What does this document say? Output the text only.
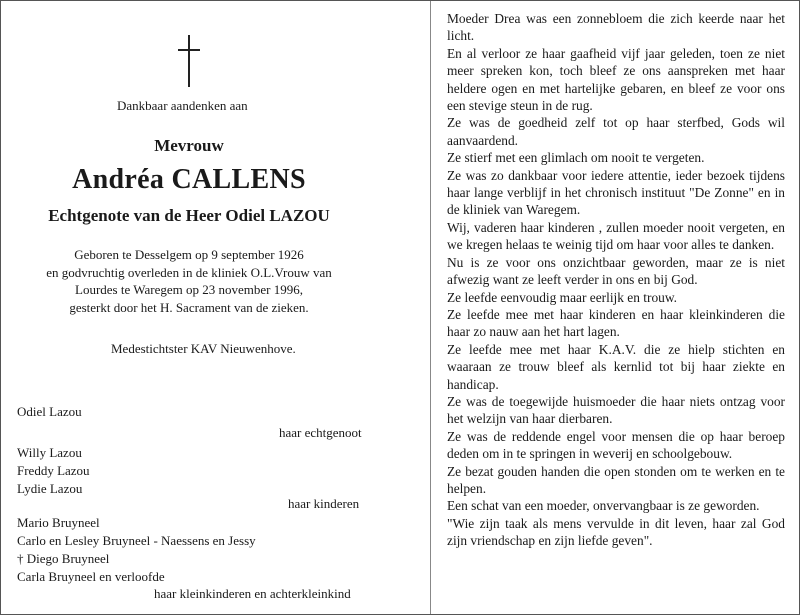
Dankbaar aandenken aan
Mevrouw
Andréa CALLENS
Echtgenote van de Heer Odiel LAZOU
Geboren te Desselgem op 9 september 1926
en godvruchtig overleden in de kliniek O.L.Vrouw van
Lourdes te Waregem op 23 november 1996,
gesterkt door het H. Sacrament van de zieken.
Medestichtster KAV Nieuwenhove.
Odiel Lazou
haar echtgenoot
Willy Lazou
Freddy Lazou
Lydie Lazou
haar kinderen
Mario Bruyneel
Carlo en Lesley Bruyneel - Naessens en Jessy
† Diego Bruyneel
Carla Bruyneel en verloofde
haar kleinkinderen en achterkleinkind

Moeder Drea was een zonnebloem die zich keerde naar het licht.

En al verloor ze haar gaafheid vijf jaar geleden, toen ze niet meer spreken kon, toch bleef ze ons aanspreken met haar heldere ogen en met hartelijke gebaren, en bleef ze voor ons een stevige steun in de rug.

Ze was de goedheid zelf tot op haar sterfbed, Gods wil aanvaardend.

Ze stierf met een glimlach om nooit te vergeten.

Ze was zo dankbaar voor iedere attentie, ieder bezoek tijdens haar lange verblijf in het chronisch instituut "De Zonne" en in de kliniek van Waregem.

Wij, vaderen haar kinderen , zullen moeder nooit vergeten, en we kregen helaas te weinig tijd om haar voor alles te danken.

Nu is ze voor ons onzichtbaar geworden, maar ze is niet afwezig want ze leeft verder in ons en bij God.

Ze leefde eenvoudig maar eerlijk en trouw.

Ze leefde mee met haar kinderen en haar kleinkinderen die haar zo nauw aan het hart lagen.

Ze leefde mee met haar K.A.V. die ze hielp stichten en waaraan ze trouw bleef als kernlid tot bij haar ziekte en handicap.

Ze was de toegewijde huismoeder die haar niets ontzag voor het welzijn van haar dierbaren.

Ze was de reddende engel voor mensen die op haar beroep deden om in te springen in weverij en schoolgebouw.

Ze bezat gouden handen die open stonden om te werken en te helpen.

Een schat van een moeder, onvervangbaar is ze geworden.

"Wie zijn taak als mens vervulde in dit leven, haar zal God zijn vriendschap en zijn liefde geven".
